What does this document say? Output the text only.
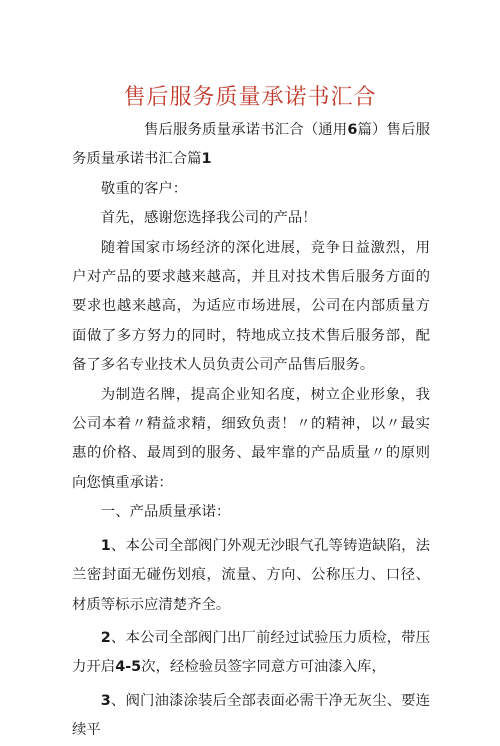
售后服务质量承诺书汇合

售后服务质量承诺书汇合（通用6篇）售后服务质量承诺书汇合篇1

敬重的客户：

首先，感谢您选择我公司的产品！

随着国家市场经济的深化进展，竞争日益激烈，用户对产品的要求越来越高，并且对技术售后服务方面的要求也越来越高，为适应市场进展，公司在内部质量方面做了多方努力的同时，特地成立技术售后服务部，配备了多名专业技术人员负责公司产品售后服务。

为制造名牌，提高企业知名度，树立企业形象，我公司本着〃精益求精，细致负责！〃的精神，以〃最实惠的价格、最周到的服务、最牢靠的产品质量〃的原则向您慎重承诺：

一、产品质量承诺：

1、本公司全部阀门外观无沙眼气孔等铸造缺陷，法兰密封面无碰伤划痕，流量、方向、公称压力、口径、材质等标示应清楚齐全。

2、本公司全部阀门出厂前经过试验压力质检，带压力开启4-5次，经检验员签字同意方可油漆入库，

3、阀门油漆涂装后全部表面必需干净无灰尘、要连续平
